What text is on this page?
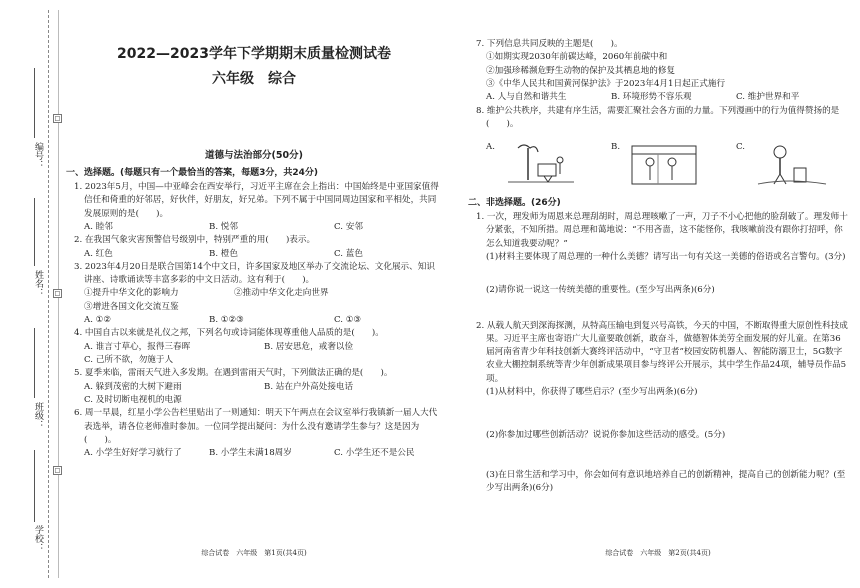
编号：
姓名：
班级：
学校：
□
□
□
2022—2023学年下学期期末质量检测试卷
六年级　综合
道德与法治部分(50分)
一、选择题。(每题只有一个最恰当的答案，每题3分，共24分)
1. 2023年5月，中国—中亚峰会在西安举行，习近平主席在会上指出：中国始终是中亚国家值得信任和倚重的好邻居，好伙伴，好朋友，好兄弟。下列不属于中国同周边国家和平相处，共同发展原则的是(　　)。
A. 睦邻	B. 悦邻	C. 安邻
2. 在我国气象灾害预警信号级别中，特别严重的用(　　)表示。
A. 红色	B. 橙色	C. 蓝色
3. 2023年4月20日是联合国第14个中文日，许多国家及地区举办了交流论坛、文化展示、知识讲座、诗歌诵读等丰富多彩的中文日活动。这有利于(　　)。
①提升中华文化的影响力	②推动中华文化走向世界
③增进各国文化交流互鉴
A. ①②	B. ①②③	C. ①③
4. 中国自古以来就是礼仪之邦，下列名句或诗词能体现尊重他人品质的是(　　)。
A. 谁言寸草心，报得三春晖	B. 居安思危，戒奢以俭
C. 己所不欲，勿施于人
5. 夏季来临，雷雨天气进入多发期。在遇到雷雨天气时，下列做法正确的是(　　)。
A. 躲到茂密的大树下避雨	B. 站在户外高处接电话
C. 及时切断电视机的电源
6. 周一早晨，红星小学公告栏里贴出了一则通知：明天下午两点在会议室举行我镇新一届人大代表选举，请各位老师准时参加。一位同学提出疑问：为什么没有邀请学生参与？这是因为(　　)。
A. 小学生好好学习就行了	B. 小学生未满18周岁	C. 小学生还不是公民
综合试卷　六年级　第1页(共4页)
7. 下列信息共同反映的主题是(　　)。
①如期实现2030年前碳达峰，2060年前碳中和
②加强珍稀濒危野生动物的保护及其栖息地的修复
③《中华人民共和国黄河保护法》于2023年4月1日起正式施行
A. 人与自然和谐共生	B. 环境形势不容乐观	C. 维护世界和平
8. 维护公共秩序，共建有序生活，需要汇聚社会各方面的力量。下列漫画中的行为值得赞扬的是(　　)。
A.	B.	C.
二、非选择题。(26分)
1. 一次，理发师为周恩来总理刮胡时，周总理咳嗽了一声，刀子不小心把他的脸刮破了。理发师十分紧张，不知所措。周总理和蔼地说：“不用吝啬，这不能怪你，我咳嗽前没有跟你打招呼，你怎么知道我要动呢？”
(1)材料主要体现了周总理的一种什么美德？请写出一句有关这一美德的俗语或名言警句。(3分)
(2)请你说一说这一传统美德的重要性。(至少写出两条)(6分)
2. 从载人航天到深海探测，从特高压输电到复兴号高铁，今天的中国，不断取得重大原创性科技成果。习近平主席也寄语广大儿童要敢创新，敢奋斗，做德智体美劳全面发展的好儿童。在第36届河南省青少年科技创新大赛终评活动中，“守卫者”校园安防机器人、智能防溺卫士，5G数字农业大棚控制系统等青少年创新成果项目参与终评公开展示，其中学生作品24项，辅导员作品5项。
(1)从材料中，你获得了哪些启示？(至少写出两条)(6分)
(2)你参加过哪些创新活动？说说你参加这些活动的感受。(5分)
(3)在日常生活和学习中，你会如何有意识地培养自己的创新精神，提高自己的创新能力呢？(至少写出两条)(6分)
综合试卷　六年级　第2页(共4页)
